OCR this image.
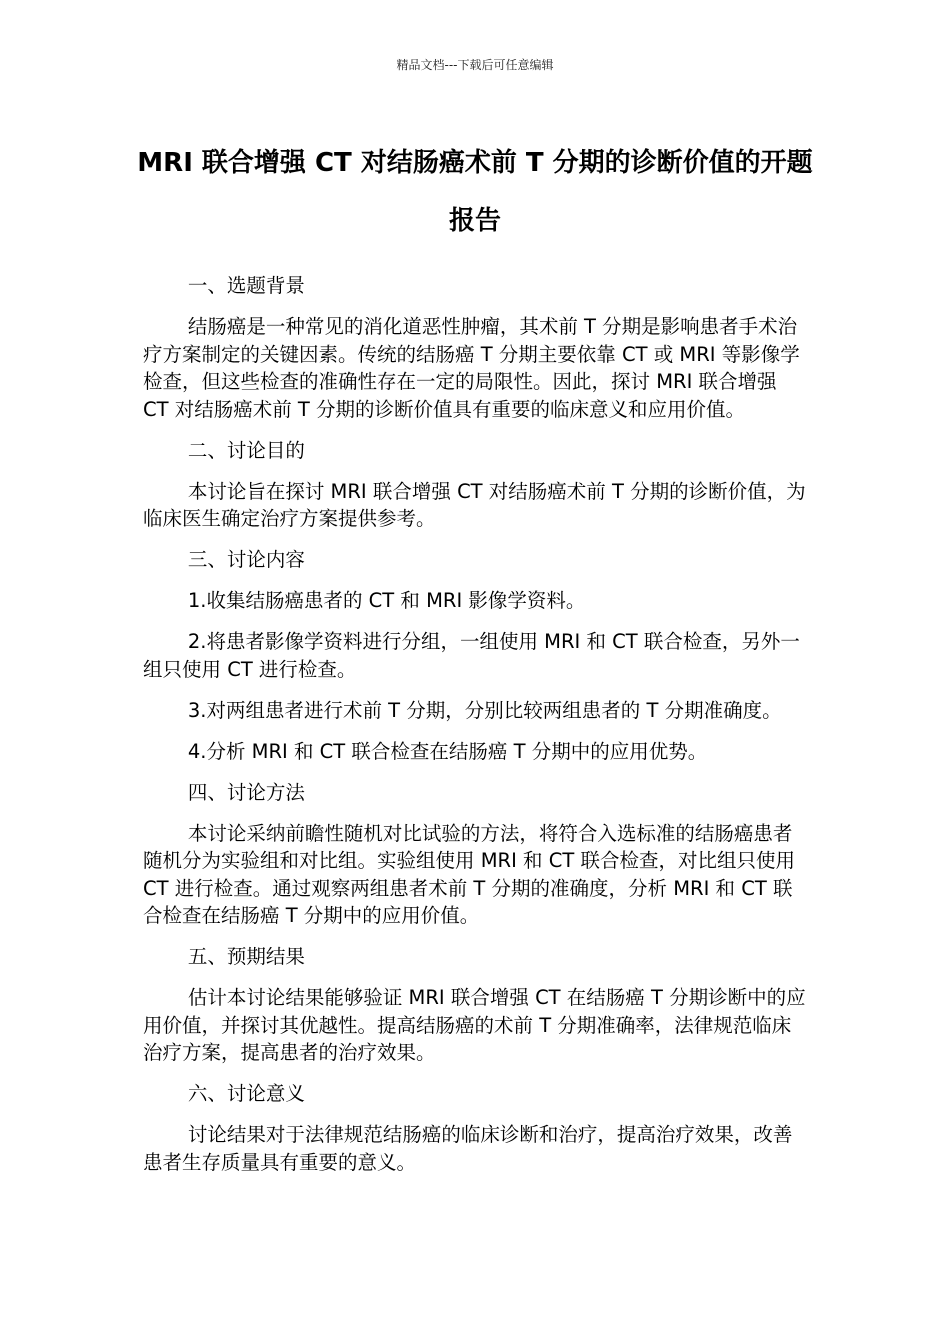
精品文档---下载后可任意编辑
MRI 联合增强 CT 对结肠癌术前 T 分期的诊断价值的开题报告

一、选题背景

结肠癌是一种常见的消化道恶性肿瘤，其术前 T 分期是影响患者手术治疗方案制定的关键因素。传统的结肠癌 T 分期主要依靠 CT 或 MRI 等影像学检查，但这些检查的准确性存在一定的局限性。因此，探讨 MRI 联合增强 CT 对结肠癌术前 T 分期的诊断价值具有重要的临床意义和应用价值。

二、讨论目的

本讨论旨在探讨 MRI 联合增强 CT 对结肠癌术前 T 分期的诊断价值，为临床医生确定治疗方案提供参考。

三、讨论内容

1.收集结肠癌患者的 CT 和 MRI 影像学资料。

2.将患者影像学资料进行分组，一组使用 MRI 和 CT 联合检查，另外一组只使用 CT 进行检查。

3.对两组患者进行术前 T 分期，分别比较两组患者的 T 分期准确度。

4.分析 MRI 和 CT 联合检查在结肠癌 T 分期中的应用优势。

四、讨论方法

本讨论采纳前瞻性随机对比试验的方法，将符合入选标准的结肠癌患者随机分为实验组和对比组。实验组使用 MRI 和 CT 联合检查，对比组只使用 CT 进行检查。通过观察两组患者术前 T 分期的准确度，分析 MRI 和 CT 联合检查在结肠癌 T 分期中的应用价值。

五、预期结果

估计本讨论结果能够验证 MRI 联合增强 CT 在结肠癌 T 分期诊断中的应用价值，并探讨其优越性。提高结肠癌的术前 T 分期准确率，法律规范临床治疗方案，提高患者的治疗效果。

六、讨论意义

讨论结果对于法律规范结肠癌的临床诊断和治疗，提高治疗效果，改善患者生存质量具有重要的意义。
